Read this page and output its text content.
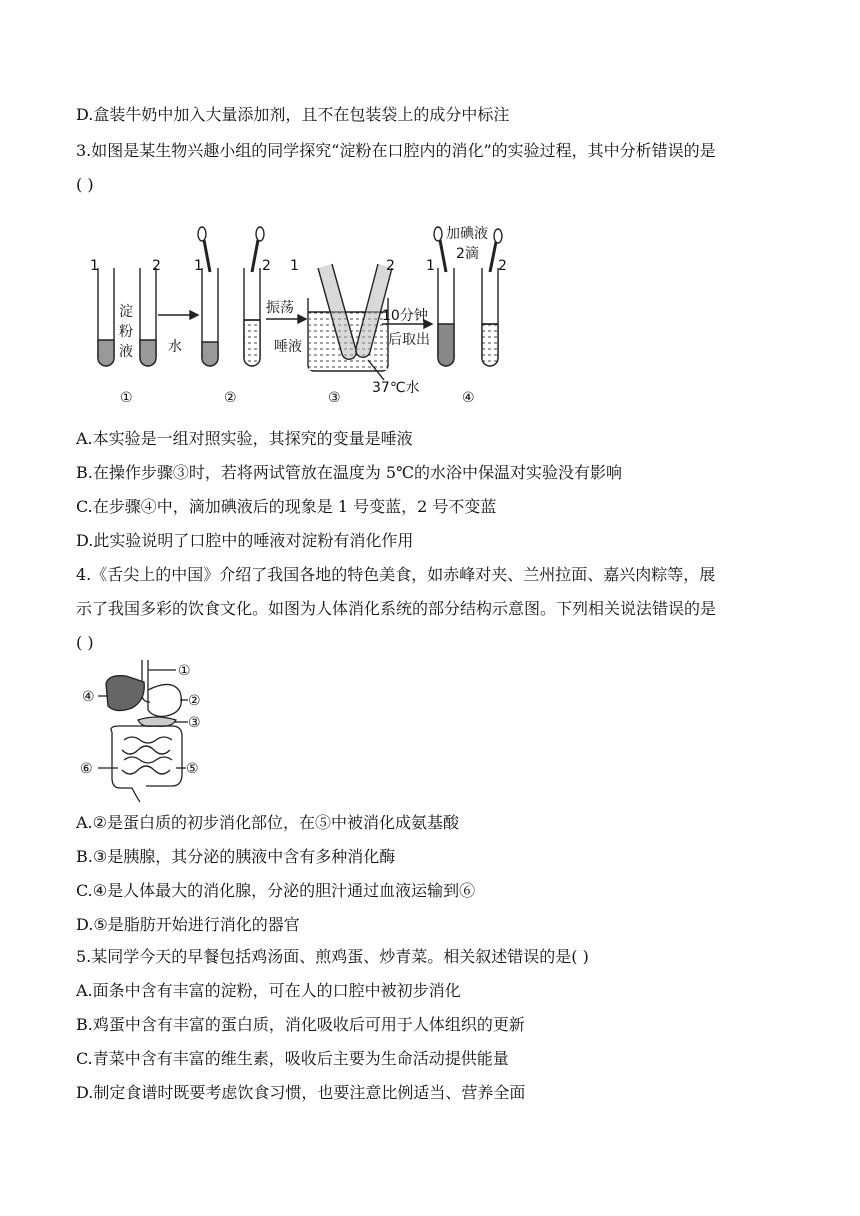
D.盒装牛奶中加入大量添加剂，且不在包装袋上的成分中标注
3.如图是某生物兴趣小组的同学探究“淀粉在口腔内的消化”的实验过程，其中分析错误的是
( )
1	2
淀
粉
液	水
1	2
振荡
唾液
1	2
10分钟
后取出
37℃水
1	2
加碘液
2滴
①	②	③	④
A.本实验是一组对照实验，其探究的变量是唾液
B.在操作步骤③时，若将两试管放在温度为 5℃的水浴中保温对实验没有影响
C.在步骤④中，滴加碘液后的现象是 1 号变蓝，2 号不变蓝
D.此实验说明了口腔中的唾液对淀粉有消化作用
4.《舌尖上的中国》介绍了我国各地的特色美食，如赤峰对夹、兰州拉面、嘉兴肉粽等，展
示了我国多彩的饮食文化。如图为人体消化系统的部分结构示意图。下列相关说法错误的是
( )
①
②
③
④
⑤
⑥
A.②是蛋白质的初步消化部位，在⑤中被消化成氨基酸
B.③是胰腺，其分泌的胰液中含有多种消化酶
C.④是人体最大的消化腺，分泌的胆汁通过血液运输到⑥
D.⑤是脂肪开始进行消化的器官
5.某同学今天的早餐包括鸡汤面、煎鸡蛋、炒青菜。相关叙述错误的是( )
A.面条中含有丰富的淀粉，可在人的口腔中被初步消化
B.鸡蛋中含有丰富的蛋白质，消化吸收后可用于人体组织的更新
C.青菜中含有丰富的维生素，吸收后主要为生命活动提供能量
D.制定食谱时既要考虑饮食习惯，也要注意比例适当、营养全面
